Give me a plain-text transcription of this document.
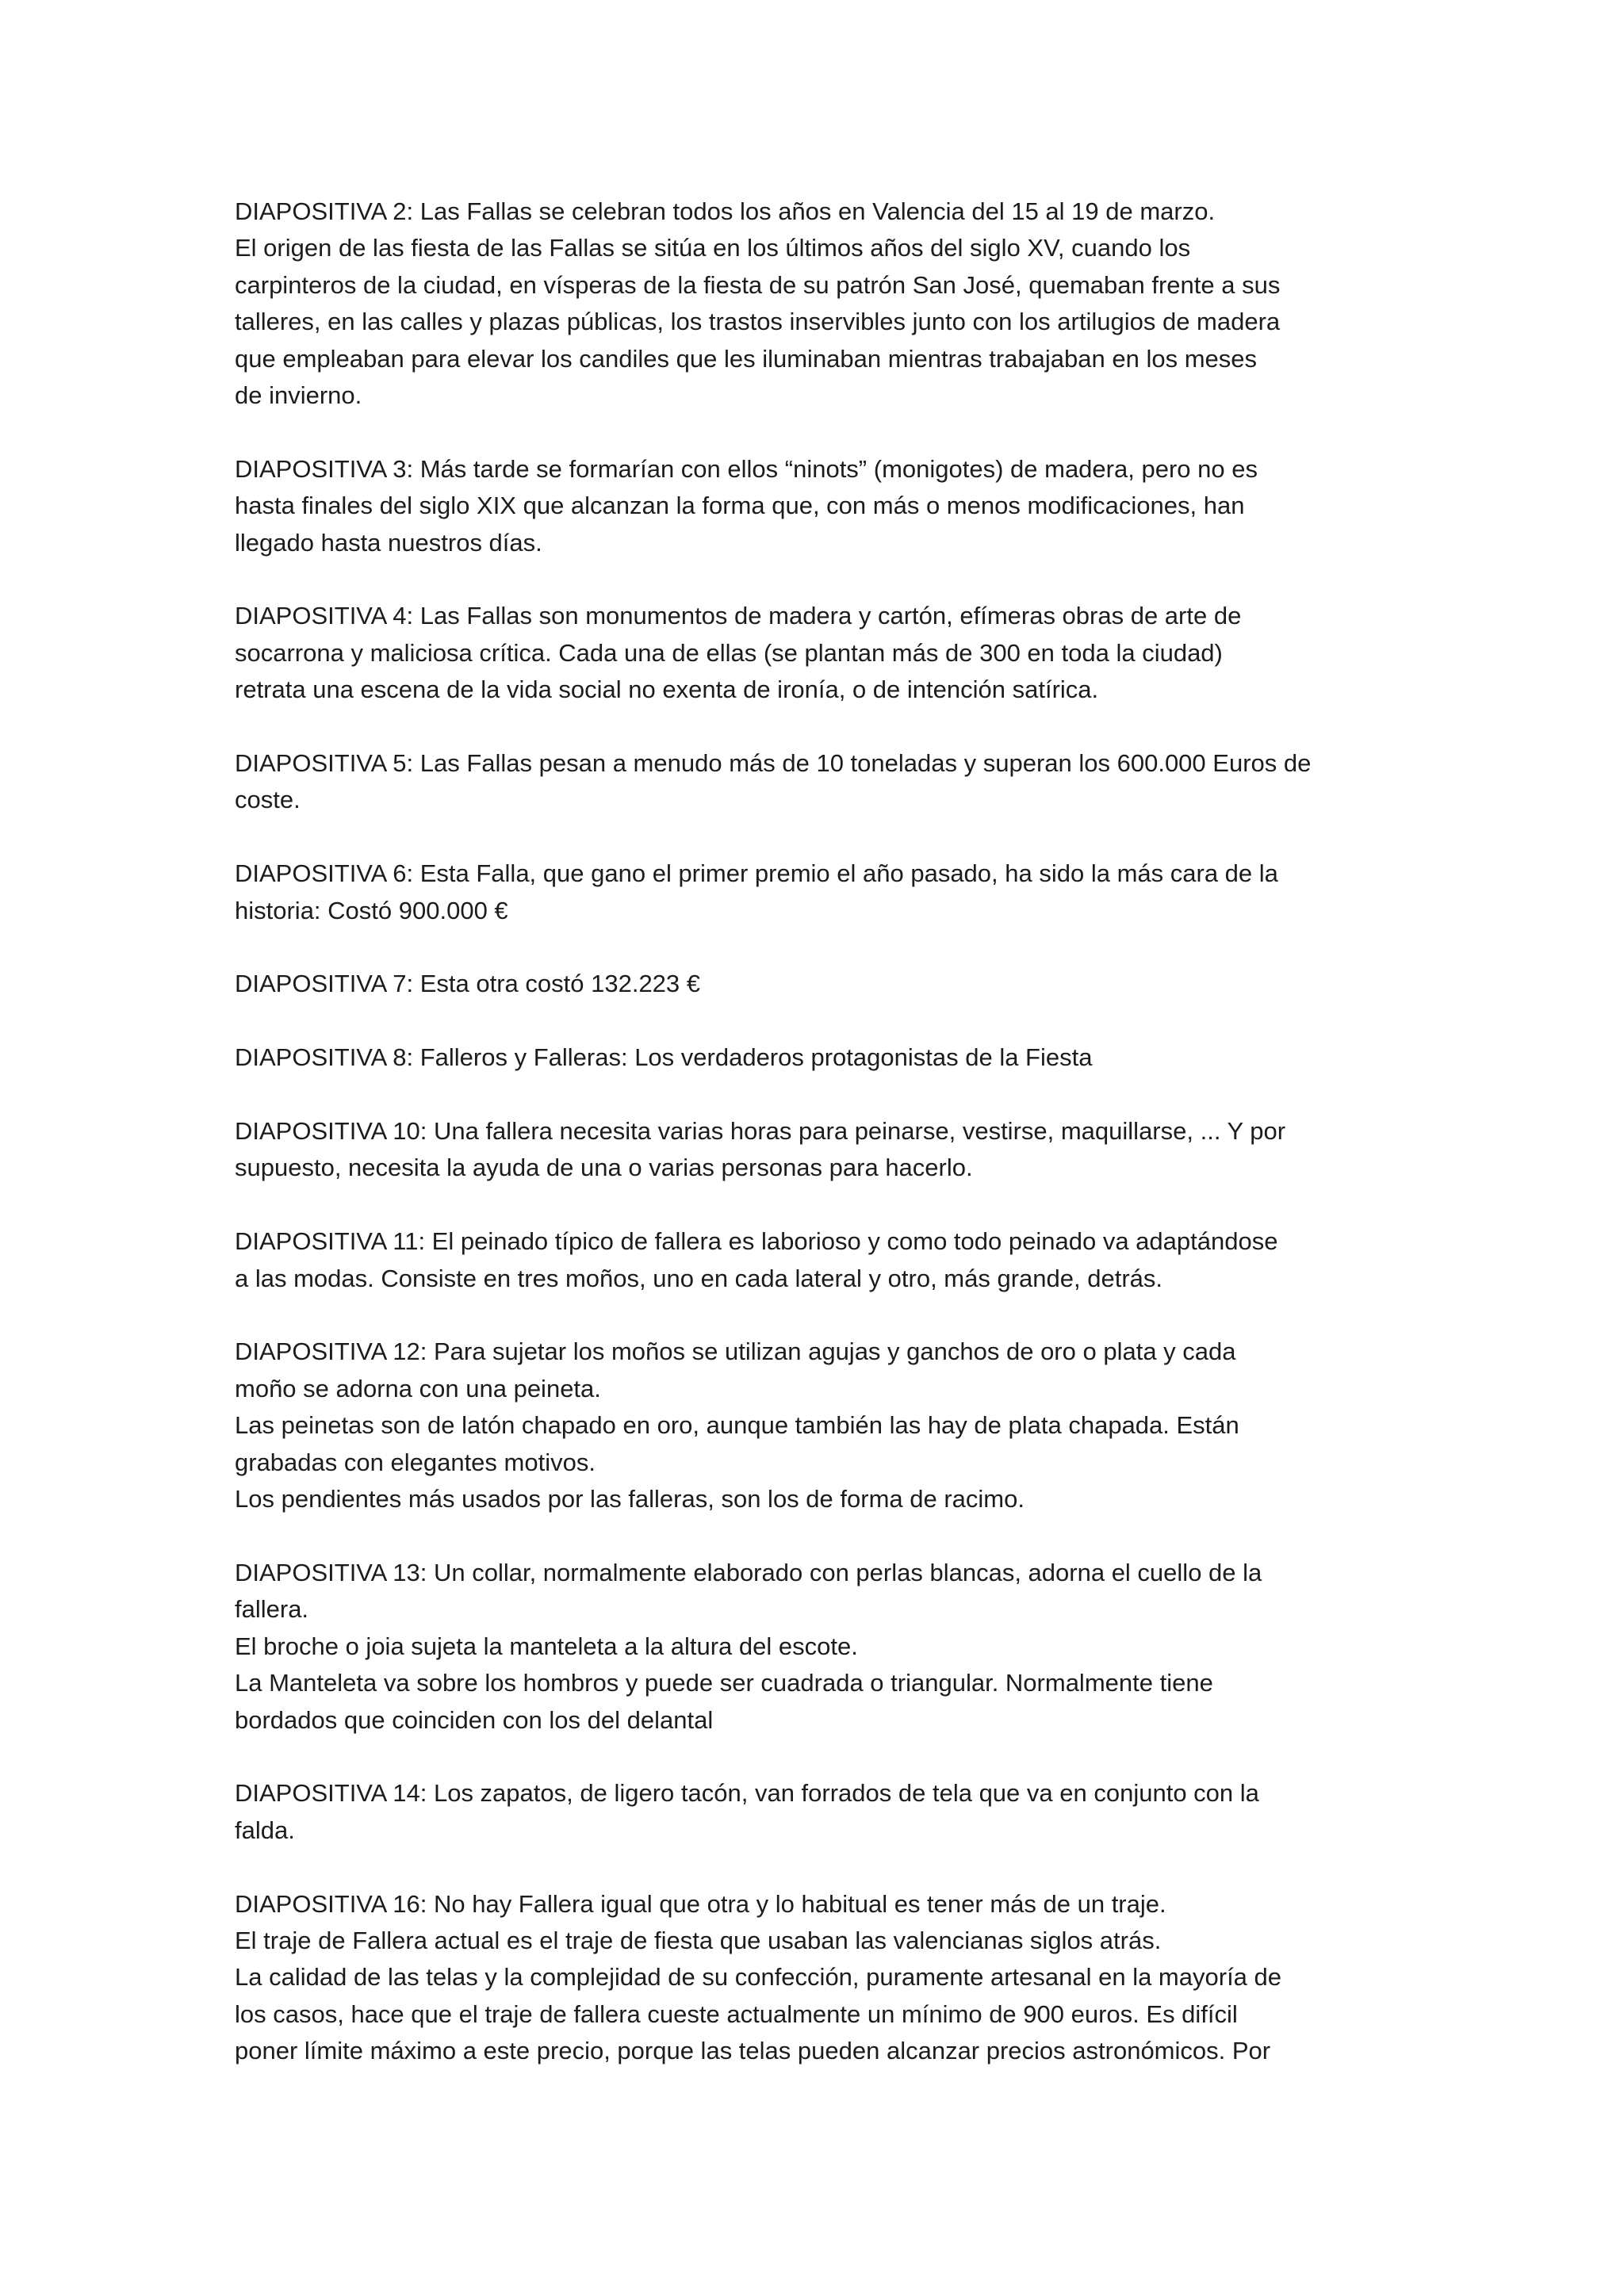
DIAPOSITIVA 2: Las Fallas se celebran todos los años en Valencia del 15 al 19 de marzo.
El origen de las fiesta de las Fallas se sitúa en los últimos años del siglo XV, cuando los
carpinteros de la ciudad, en vísperas de la fiesta de su patrón San José, quemaban frente a sus
talleres, en las calles y plazas públicas, los trastos inservibles junto con los artilugios de madera
que empleaban para elevar los candiles que les iluminaban mientras trabajaban en los meses
de invierno.
DIAPOSITIVA 3: Más tarde se formarían con ellos “ninots” (monigotes) de madera, pero no es
hasta finales del siglo XIX que alcanzan la forma que, con más o menos modificaciones, han
llegado hasta nuestros días.
DIAPOSITIVA 4: Las Fallas son monumentos de madera y cartón, efímeras obras de arte de
socarrona y maliciosa crítica. Cada una de ellas (se plantan más de 300 en toda la ciudad)
retrata una escena de la vida social no exenta de ironía, o de intención satírica.
DIAPOSITIVA 5: Las Fallas pesan a menudo más de 10 toneladas y superan los 600.000 Euros de
coste.
DIAPOSITIVA 6: Esta Falla, que gano el primer premio el año pasado, ha sido la más cara de la
historia: Costó 900.000 €
DIAPOSITIVA 7: Esta otra costó 132.223 €
DIAPOSITIVA 8: Falleros y Falleras: Los verdaderos protagonistas de la Fiesta
DIAPOSITIVA 10: Una fallera necesita varias horas para peinarse, vestirse, maquillarse, ... Y por
supuesto, necesita la ayuda de una o varias personas para hacerlo.
DIAPOSITIVA 11: El peinado típico de fallera es laborioso y como todo peinado va adaptándose
a las modas. Consiste en tres moños, uno en cada lateral y otro, más grande, detrás.
DIAPOSITIVA 12: Para sujetar los moños se utilizan agujas y ganchos de oro o plata y cada
moño se adorna con una peineta.
Las peinetas son de latón chapado en oro, aunque también las hay de plata chapada. Están
grabadas con elegantes motivos.
Los pendientes más usados por las falleras, son los de forma de racimo.
DIAPOSITIVA 13: Un collar, normalmente elaborado con perlas blancas, adorna el cuello de la
fallera.
El broche o joia sujeta la manteleta a la altura del escote.
La Manteleta va sobre los hombros y puede ser cuadrada o triangular. Normalmente tiene
bordados que coinciden con los del delantal
DIAPOSITIVA 14: Los zapatos, de ligero tacón, van forrados de tela que va en conjunto con la
falda.
DIAPOSITIVA 16: No hay Fallera igual que otra y lo habitual es tener más de un traje.
El traje de Fallera actual es el traje de fiesta que usaban las valencianas siglos atrás.
La calidad de las telas y la complejidad de su confección, puramente artesanal en la mayoría de
los casos, hace que el traje de fallera cueste actualmente un mínimo de 900 euros. Es difícil
poner límite máximo a este precio, porque las telas pueden alcanzar precios astronómicos. Por
